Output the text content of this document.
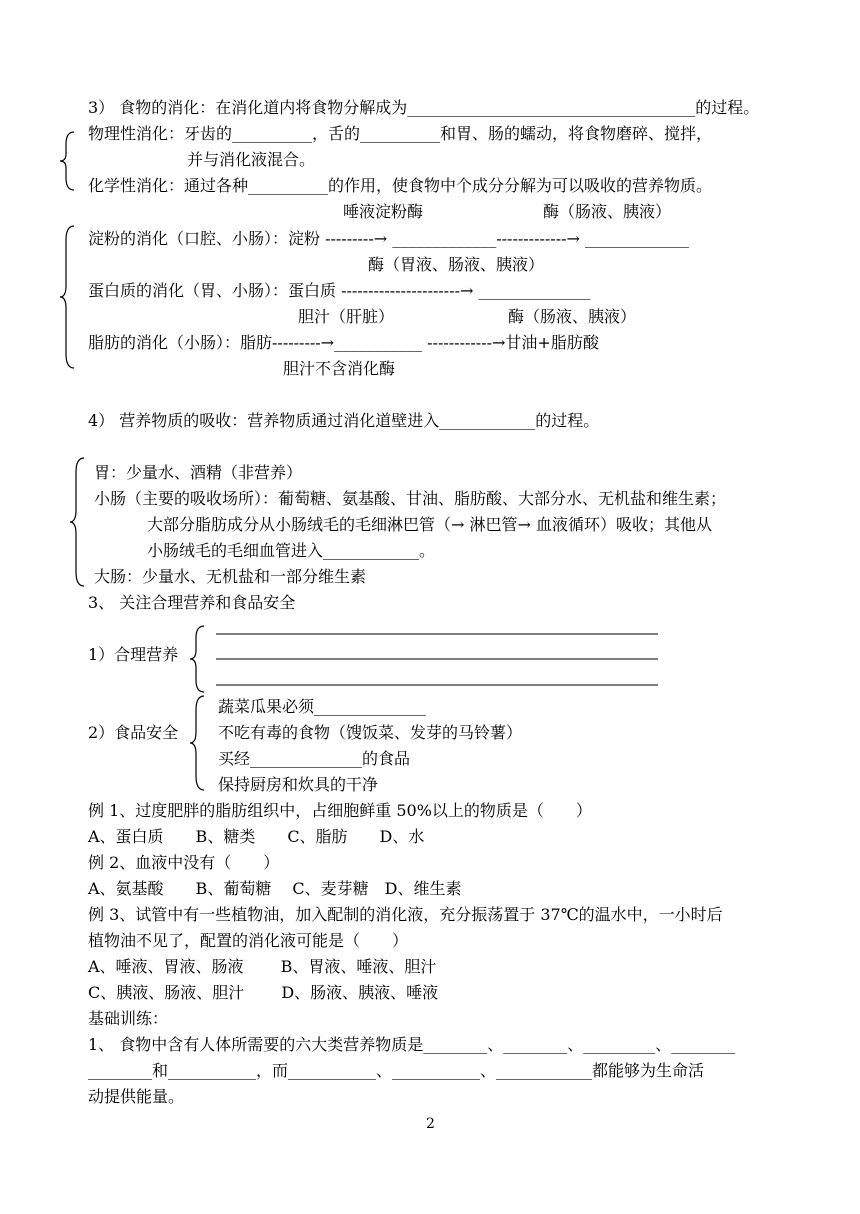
3） 食物的消化：在消化道内将食物分解成为____________________________________的过程。
物理性消化：牙齿的__________，舌的__________和胃、肠的蠕动，将食物磨碎、搅拌，
并与消化液混合。
化学性消化：通过各种__________的作用，使食物中个成分分解为可以吸收的营养物质。
唾液淀粉酶	酶（肠液、胰液）
淀粉的消化（口腔、小肠）：淀粉 ---------→ _____________-------------→ _____________
酶（胃液、肠液、胰液）
蛋白质的消化（胃、小肠）：蛋白质 ----------------------→ ______________
胆汁（肝脏）	酶（肠液、胰液）
脂肪的消化（小肠）：脂肪---------→___________ ------------→甘油+脂肪酸
胆汁不含消化酶
4） 营养物质的吸收：营养物质通过消化道壁进入____________的过程。
胃：少量水、酒精（非营养）
小肠（主要的吸收场所）：葡萄糖、氨基酸、甘油、脂肪酸、大部分水、无机盐和维生素；
大部分脂肪成分从小肠绒毛的毛细淋巴管（→ 淋巴管→ 血液循环）吸收；其他从
小肠绒毛的毛细血管进入____________。
大肠：少量水、无机盐和一部分维生素
3、 关注合理营养和食品安全
1）合理营养
2）食品安全
蔬菜瓜果必须______________
不吃有毒的食物（馊饭菜、发芽的马铃薯）
买经______________的食品
保持厨房和炊具的干净
例 1、过度肥胖的脂肪组织中，占细胞鲜重 50%以上的物质是（　　）
A、蛋白质　　B、糖类　　C、脂肪　　D、水
例 2、血液中没有（　　）
A、氨基酸　　B、葡萄糖　 C、麦芽糖　D、维生素
例 3、试管中有一些植物油，加入配制的消化液，充分振荡置于 37℃的温水中，一小时后
植物油不见了，配置的消化液可能是（　　）
A、唾液、胃液、肠液　　 B、胃液、唾液、胆汁
C、胰液、肠液、胆汁　　 D、肠液、胰液、唾液
基础训练：
1、 食物中含有人体所需要的六大类营养物质是________、________、_________、________
________和___________，而___________、___________、____________都能够为生命活
动提供能量。
2
